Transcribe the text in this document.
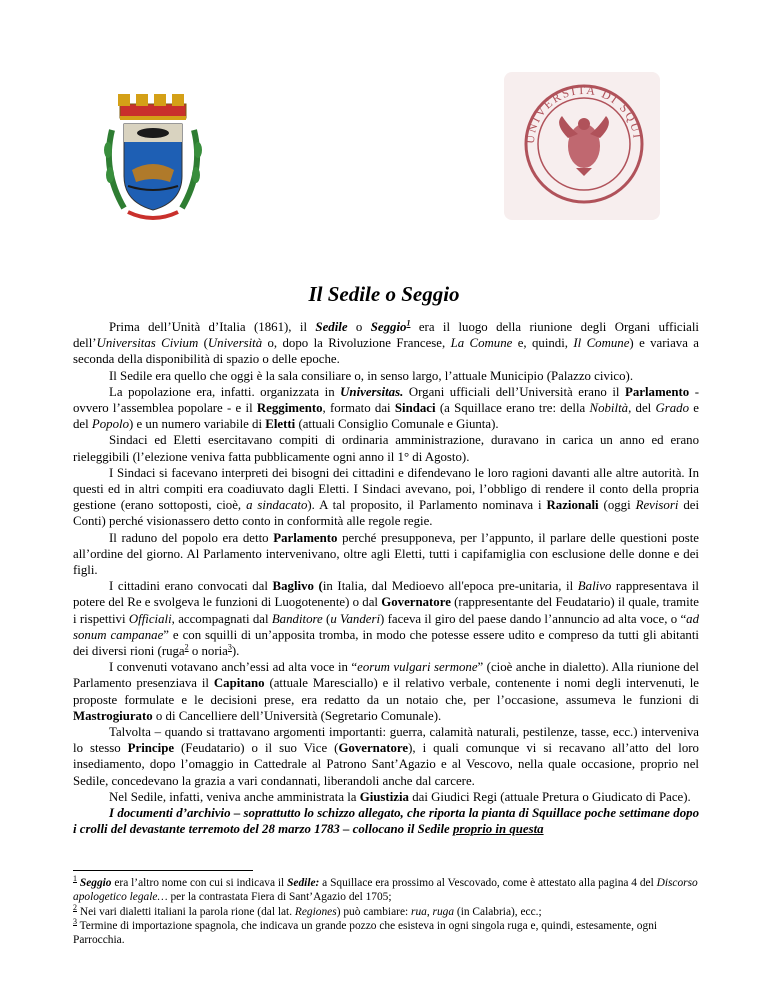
UNIVERSITA DI SQUI
Il Sedile o Seggio

Prima dell’Unità d’Italia (1861), il Sedile o Seggio$^1$ era il luogo della riunione degli Organi ufficiali dell’Universitas Civium (Università o, dopo la Rivoluzione Francese, La Comune e, quindi, Il Comune) e variava a seconda della disponibilità di spazio o delle epoche.

Il Sedile era quello che oggi è la sala consiliare o, in senso largo, l’attuale Municipio (Palazzo civico).

La popolazione era, infatti. organizzata in Universitas. Organi ufficiali dell’Università erano il Parlamento - ovvero l’assemblea popolare - e il Reggimento, formato dai Sindaci (a Squillace erano tre: della Nobiltà, del Grado e del Popolo) e un numero variabile di Eletti (attuali Consiglio Comunale e Giunta).

Sindaci ed Eletti esercitavano compiti di ordinaria amministrazione, duravano in carica un anno ed erano rieleggibili (l’elezione veniva fatta pubblicamente ogni anno il 1° di Agosto).

I Sindaci si facevano interpreti dei bisogni dei cittadini e difendevano le loro ragioni davanti alle altre autorità. In questi ed in altri compiti era coadiuvato dagli Eletti. I Sindaci avevano, poi, l’obbligo di rendere il conto della propria gestione (erano sottoposti, cioè, a sindacato). A tal proposito, il Parlamento nominava i Razionali (oggi Revisori dei Conti) perché visionassero detto conto in conformità alle regole regie.

Il raduno del popolo era detto Parlamento perché presupponeva, per l’appunto, il parlare delle questioni poste all’ordine del giorno. Al Parlamento intervenivano, oltre agli Eletti, tutti i capifamiglia con esclusione delle donne e dei figli.

I cittadini erano convocati dal Baglivo (in Italia, dal Medioevo all'epoca pre-unitaria, il Balivo rappresentava il potere del Re e svolgeva le funzioni di Luogotenente) o dal Governatore (rappresentante del Feudatario) il quale, tramite i rispettivi Officiali, accompagnati dal Banditore (u Vanderi) faceva il giro del paese dando l’annuncio ad alta voce, o “ad sonum campanae” e con squilli di un’apposita tromba, in modo che potesse essere udito e compreso da tutti gli abitanti dei diversi rioni (ruga$^2$ o noria$^3$).

I convenuti votavano anch’essi ad alta voce in “eorum vulgari sermone” (cioè anche in dialetto). Alla riunione del Parlamento presenziava il Capitano (attuale Maresciallo) e il relativo verbale, contenente i nomi degli intervenuti, le proposte formulate e le decisioni prese, era redatto da un notaio che, per l’occasione, assumeva le funzioni di Mastrogiurato o di Cancelliere dell’Università (Segretario Comunale).

Talvolta – quando si trattavano argomenti importanti: guerra, calamità naturali, pestilenze, tasse, ecc.) interveniva lo stesso Principe (Feudatario) o il suo Vice (Governatore), i quali comunque vi si recavano all’atto del loro insediamento, dopo l’omaggio in Cattedrale al Patrono Sant’Agazio e al Vescovo, nella quale occasione, proprio nel Sedile, concedevano la grazia a vari condannati, liberandoli anche dal carcere.

Nel Sedile, infatti, veniva anche amministrata la Giustizia dai Giudici Regi (attuale Pretura o Giudicato di Pace).

I documenti d’archivio – soprattutto lo schizzo allegato, che riporta la pianta di Squillace poche settimane dopo i crolli del devastante terremoto del 28 marzo 1783 – collocano il Sedile proprio in questa

$^1$ Seggio era l’altro nome con cui si indicava il Sedile: a Squillace era prossimo al Vescovado, come è attestato alla pagina 4 del Discorso apologetico legale… per la contrastata Fiera di Sant’Agazio del 1705;
$^2$ Nei vari dialetti italiani la parola rione (dal lat. Regiones) può cambiare: rua, ruga (in Calabria), ecc.;
$^3$ Termine di importazione spagnola, che indicava un grande pozzo che esisteva in ogni singola ruga e, quindi, estesamente, ogni Parrocchia.
